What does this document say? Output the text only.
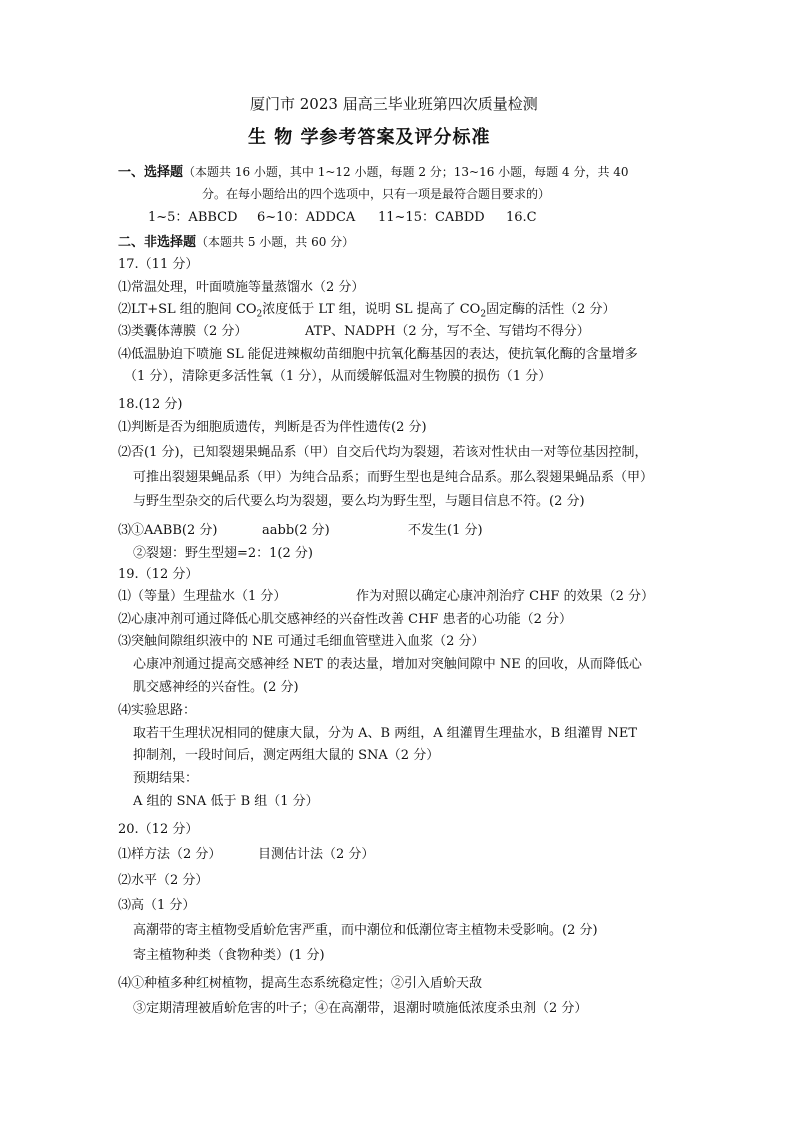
厦门市 2023 届高三毕业班第四次质量检测
生 物 学参考答案及评分标准
一、选择题（本题共 16 小题，其中 1~12 小题，每题 2 分；13~16 小题，每题 4 分，共 40
分。在每小题给出的四个选项中，只有一项是最符合题目要求的）
1~5：ABBCD 6~10：ADDCA 11~15：CABDD 16.C
二、非选择题（本题共 5 小题，共 60 分）
17.（11 分）
⑴常温处理，叶面喷施等量蒸馏水（2 分）
⑵LT+SL 组的胞间 $CO_2$浓度低于 LT 组，说明 SL 提高了 $CO_2$固定酶的活性（2 分）
⑶类囊体薄膜（2 分）	ATP、NADPH（2 分，写不全、写错均不得分）
⑷低温胁迫下喷施 SL 能促进辣椒幼苗细胞中抗氧化酶基因的表达，使抗氧化酶的含量增多
（1 分），清除更多活性氧（1 分），从而缓解低温对生物膜的损伤（1 分）
18.(12 分)
⑴判断是否为细胞质遗传，判断是否为伴性遗传(2 分)
⑵否(1 分)，已知裂翅果蝇品系（甲）自交后代均为裂翅，若该对性状由一对等位基因控制，
可推出裂翅果蝇品系（甲）为纯合品系；而野生型也是纯合品系。那么裂翅果蝇品系（甲）
与野生型杂交的后代要么均为裂翅，要么均为野生型，与题目信息不符。(2 分)
⑶①AABB(2 分)	aabb(2 分)	不发生(1 分)
②裂翅：野生型翅=2：1(2 分)
19.（12 分）
⑴（等量）生理盐水（1 分）	作为对照以确定心康冲剂治疗 CHF 的效果（2 分）
⑵心康冲剂可通过降低心肌交感神经的兴奋性改善 CHF 患者的心功能（2 分）
⑶突触间隙组织液中的 NE 可通过毛细血管壁进入血浆（2 分）
心康冲剂通过提高交感神经 NET 的表达量，增加对突触间隙中 NE 的回收，从而降低心
肌交感神经的兴奋性。(2 分)
⑷实验思路：
取若干生理状况相同的健康大鼠，分为 A、B 两组，A 组灌胃生理盐水，B 组灌胃 NET
抑制剂，一段时间后，测定两组大鼠的 SNA（2 分）
预期结果：
A 组的 SNA 低于 B 组（1 分）
20.（12 分）
⑴样方法（2 分）	目测估计法（2 分）
⑵水平（2 分）
⑶高（1 分）
高潮带的寄主植物受盾蚧危害严重，而中潮位和低潮位寄主植物未受影响。(2 分)
寄主植物种类（食物种类）(1 分)
⑷①种植多种红树植物，提高生态系统稳定性；②引入盾蚧天敌
③定期清理被盾蚧危害的叶子；④在高潮带，退潮时喷施低浓度杀虫剂（2 分）
